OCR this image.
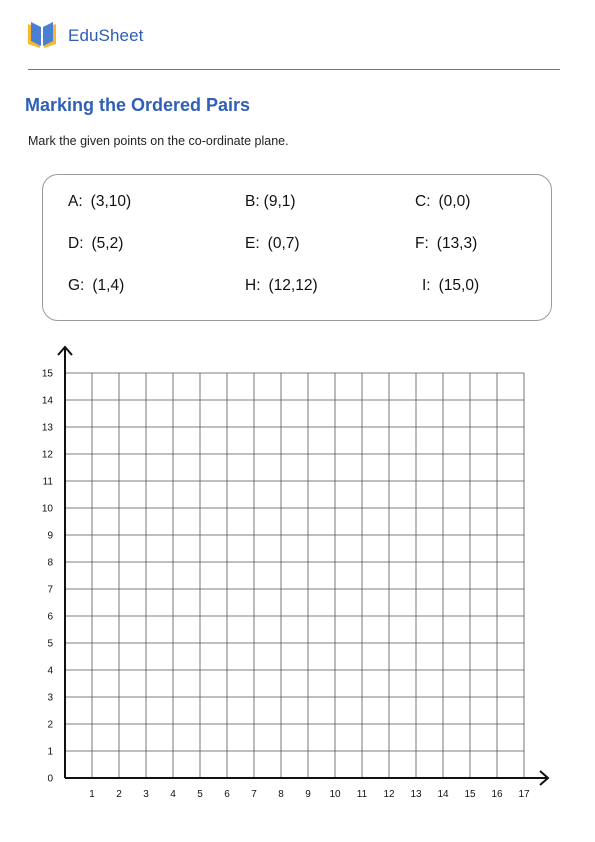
EduSheet
Marking the Ordered Pairs
Mark the given points on the co-ordinate plane.
A: (3,10)	B: (9,1)	C: (0,0)
D: (5,2)	E: (0,7)	F: (13,3)
G: (1,4)	H: (12,12)	I: (15,0)
1 2 3 4 5 6 7 8 9 10 11 12 13 14 15 16 17
0
1
2
3
4
5
6
7
8
9
10
11
12
13
14
15
